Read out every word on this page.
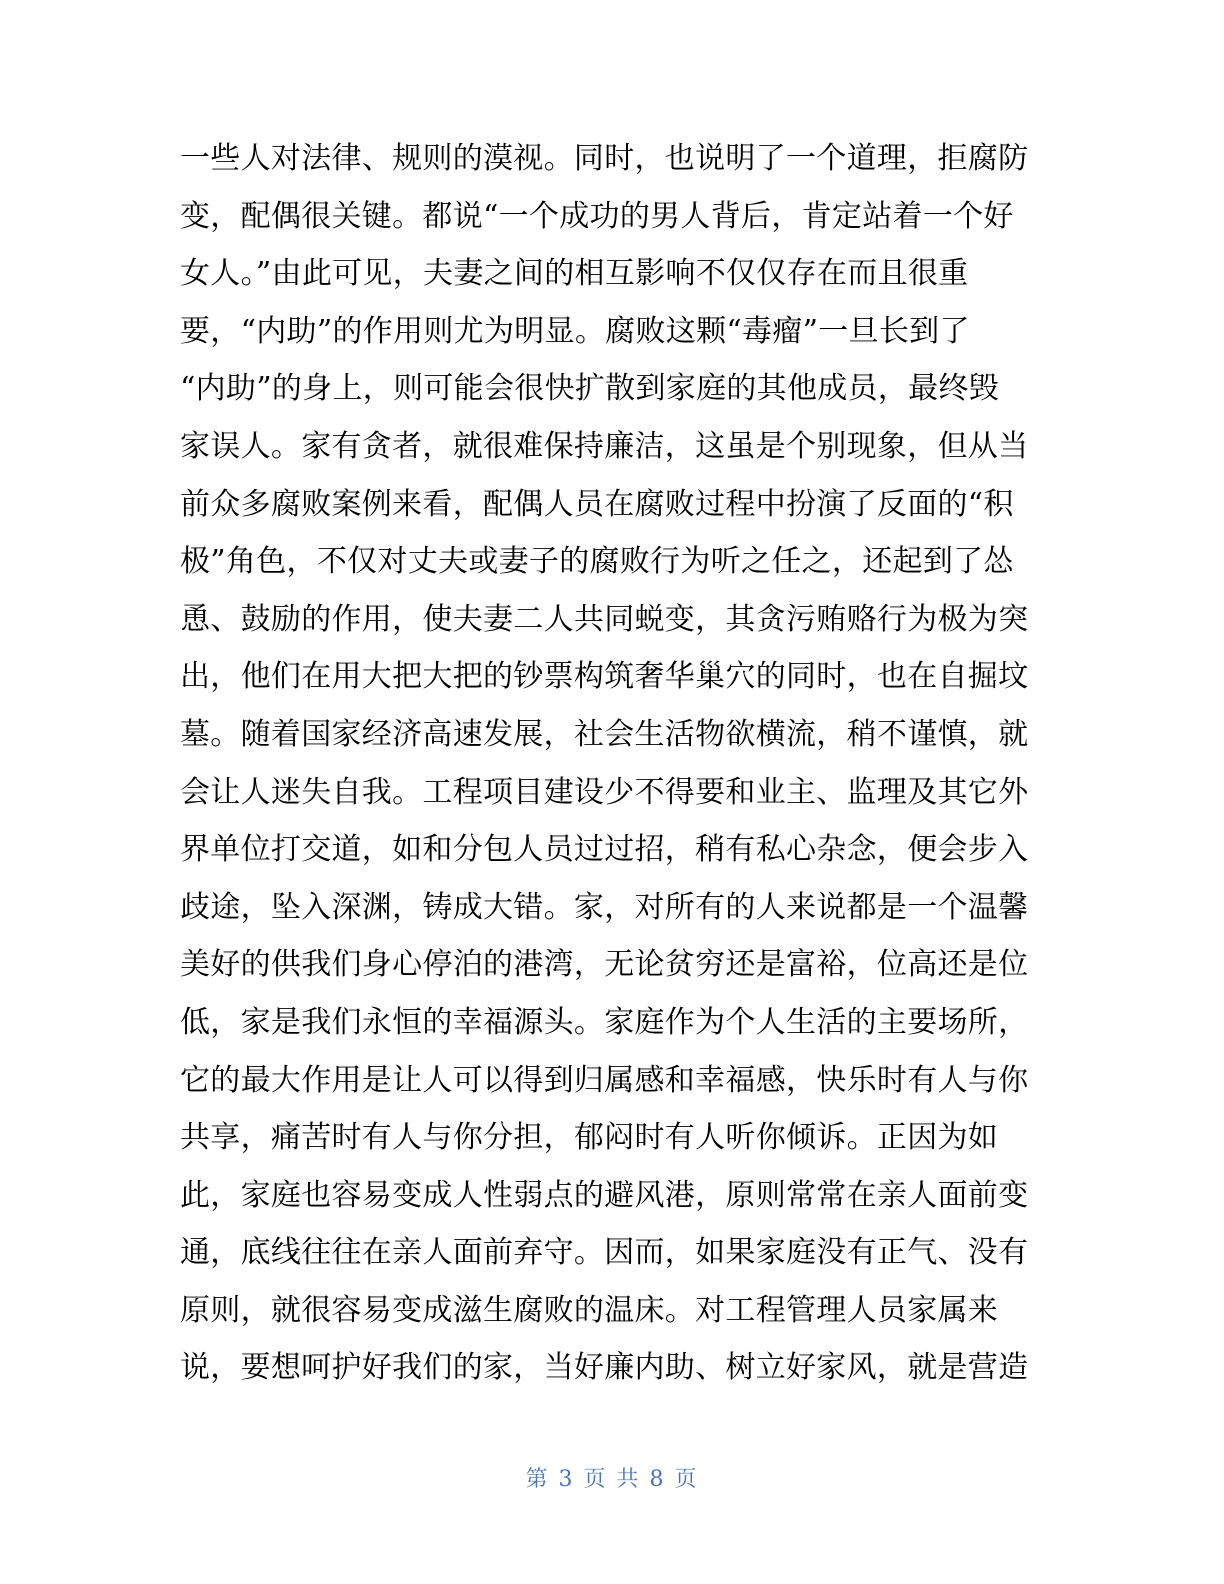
一些人对法律、规则的漠视。同时，也说明了一个道理，拒腐防
变，配偶很关键。都说“一个成功的男人背后，肯定站着一个好
女人。”由此可见，夫妻之间的相互影响不仅仅存在而且很重
要，“内助”的作用则尤为明显。腐败这颗“毒瘤”一旦长到了
“内助”的身上，则可能会很快扩散到家庭的其他成员，最终毁
家误人。家有贪者，就很难保持廉洁，这虽是个别现象，但从当
前众多腐败案例来看，配偶人员在腐败过程中扮演了反面的“积
极”角色，不仅对丈夫或妻子的腐败行为听之任之，还起到了怂
恿、鼓励的作用，使夫妻二人共同蜕变，其贪污贿赂行为极为突
出，他们在用大把大把的钞票构筑奢华巢穴的同时，也在自掘坟
墓。随着国家经济高速发展，社会生活物欲横流，稍不谨慎，就
会让人迷失自我。工程项目建设少不得要和业主、监理及其它外
界单位打交道，如和分包人员过过招，稍有私心杂念，便会步入
歧途，坠入深渊，铸成大错。家，对所有的人来说都是一个温馨
美好的供我们身心停泊的港湾，无论贫穷还是富裕，位高还是位
低，家是我们永恒的幸福源头。家庭作为个人生活的主要场所，
它的最大作用是让人可以得到归属感和幸福感，快乐时有人与你
共享，痛苦时有人与你分担，郁闷时有人听你倾诉。正因为如
此，家庭也容易变成人性弱点的避风港，原则常常在亲人面前变
通，底线往往在亲人面前弃守。因而，如果家庭没有正气、没有
原则，就很容易变成滋生腐败的温床。对工程管理人员家属来
说，要想呵护好我们的家，当好廉内助、树立好家风，就是营造
第 3 页 共 8 页
